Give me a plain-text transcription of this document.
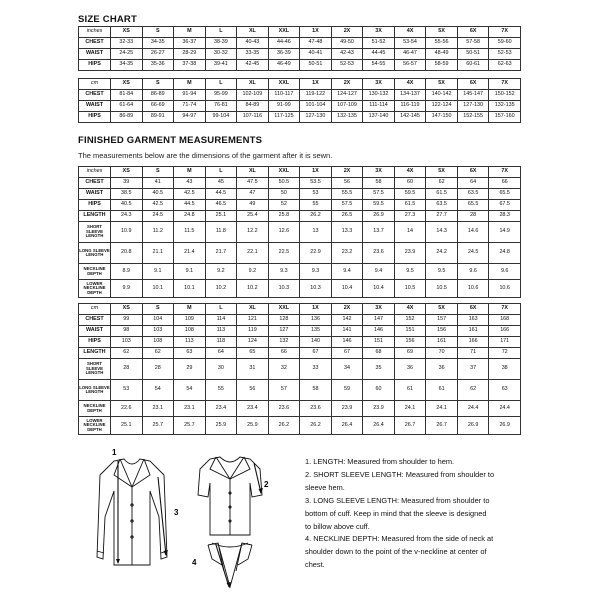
SIZE CHART
inches	XS	S	M	L	XL	XXL	1X	2X	3X	4X	5X	6X	7X
CHEST	32-33	34-35	36-37	38-39	40-43	44-46	47-48	49-50	51-52	53-54	55-56	57-58	59-60
WAIST	24-25	26-27	28-29	30-32	33-35	36-39	40-41	42-43	44-45	46-47	48-49	50-51	52-53
HIPS	34-35	35-36	37-38	39-41	42-45	46-49	50-51	52-53	54-55	56-57	58-59	60-61	62-63
cm	XS	S	M	L	XL	XXL	1X	2X	3X	4X	5X	6X	7X
CHEST	81-84	86-89	91-94	95-99	102-109	110-117	119-122	124-127	130-132	134-137	140-142	145-147	150-152
WAIST	61-64	66-69	71-74	76-81	84-89	91-99	101-104	107-109	111-114	116-119	122-124	127-130	132-135
HIPS	86-89	89-91	94-97	99-104	107-116	117-125	127-130	132-135	137-140	142-145	147-150	152-155	157-160
FINISHED GARMENT MEASUREMENTS
The measurements below are the dimensions of the garment after it is sewn.
inches	XS	S	M	L	XL	XXL	1X	2X	3X	4X	5X	6X	7X
CHEST	39	41	43	45	47.5	50.5	53.5	56	58	60	62	64	66
WAIST	38.5	40.5	42.5	44.5	47	50	53	55.5	57.5	59.5	61.5	63.5	65.5
HIPS	40.5	42.5	44.5	46.5	49	52	55	57.5	59.5	61.5	63.5	65.5	67.5
LENGTH	24.3	24.5	24.8	25.1	25.4	25.8	26.2	26.5	26.9	27.3	27.7	28	28.3
SHORT SLEEVE LENGTH	10.9	11.2	11.5	11.8	12.2	12.6	13	13.3	13.7	14	14.3	14.6	14.9
LONG SLEEVE LENGTH	20.8	21.1	21.4	21.7	22.1	22.5	22.9	23.2	23.6	23.9	24.2	24.5	24.8
NECKLINE DEPTH	8.9	9.1	9.1	9.2	9.2	9.3	9.3	9.4	9.4	9.5	9.5	9.6	9.6
LOWER NECKLINE DEPTH	9.9	10.1	10.1	10.2	10.2	10.3	10.3	10.4	10.4	10.5	10.5	10.6	10.6
cm	XS	S	M	L	XL	XXL	1X	2X	3X	4X	5X	6X	7X
CHEST	99	104	109	114	121	128	136	142	147	152	157	163	168
WAIST	98	103	108	113	119	127	135	141	146	151	156	161	166
HIPS	103	108	113	118	124	132	140	146	151	156	161	166	171
LENGTH	62	62	63	64	65	66	67	67	68	69	70	71	72
SHORT SLEEVE LENGTH	28	28	29	30	31	32	33	34	35	36	36	37	38
LONG SLEEVE LENGTH	53	54	54	55	56	57	58	59	60	61	61	62	63
NECKLINE DEPTH	22.6	23.1	23.1	23.4	23.4	23.6	23.6	23.9	23.9	24.1	24.1	24.4	24.4
LOWER NECKLINE DEPTH	25.1	25.7	25.7	25.9	25.9	26.2	26.2	26.4	26.4	26.7	26.7	26.9	26.9
1
3
2
4
1. LENGTH: Measured from shoulder to hem.
2. SHORT SLEEVE LENGTH: Measured from shoulder to
sleeve hem.
3. LONG SLEEVE LENGTH: Measured from shoulder to
bottom of cuff. Keep in mind that the sleeve is designed
to billow above cuff.
4. NECKLINE DEPTH: Measured from the side of neck at
shoulder down to the point of the v-neckline at center of
chest.
